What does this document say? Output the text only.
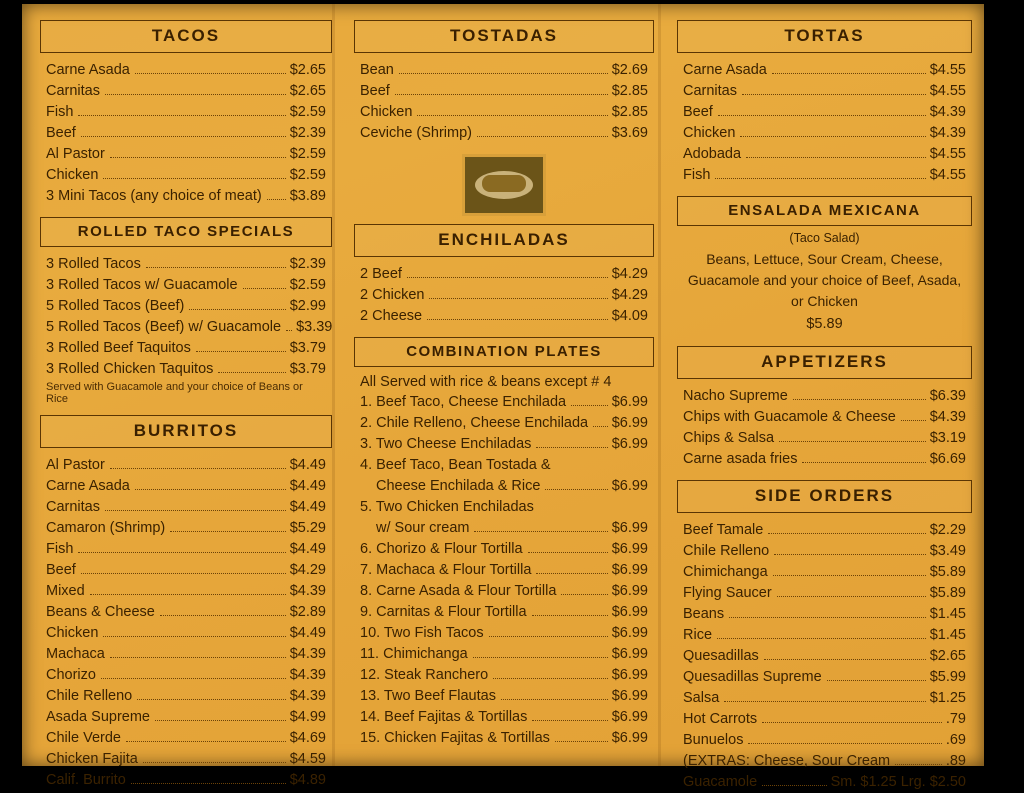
TACOS
Carne Asada	$2.65
Carnitas	$2.65
Fish	$2.59
Beef	$2.39
Al Pastor	$2.59
Chicken	$2.59
3 Mini Tacos (any choice of meat) $3.89
ROLLED TACO SPECIALS
3 Rolled Tacos	$2.39
3 Rolled Tacos w/ Guacamole	$2.59
5 Rolled Tacos (Beef)	$2.99
5 Rolled Tacos (Beef) w/ Guacamole $3.39
3 Rolled Beef Taquitos	$3.79
3 Rolled Chicken Taquitos	$3.79
Served with Guacamole and your choice of Beans or Rice
BURRITOS
Al Pastor	$4.49
Carne Asada	$4.49
Carnitas	$4.49
Camaron (Shrimp)	$5.29
Fish	$4.49
Beef	$4.29
Mixed	$4.39
Beans & Cheese	$2.89
Chicken	$4.49
Machaca	$4.39
Chorizo	$4.39
Chile Relleno	$4.39
Asada Supreme	$4.99
Chile Verde	$4.69
Chicken Fajita	$4.59
Calif. Burrito	$4.89
TOSTADAS
Bean	$2.69
Beef	$2.85
Chicken	$2.85
Ceviche (Shrimp)	$3.69
ENCHILADAS
2 Beef	$4.29
2 Chicken	$4.29
2 Cheese	$4.09
COMBINATION PLATES
All Served with rice & beans except # 4
1. Beef Taco, Cheese Enchilada	$6.99
2. Chile Relleno, Cheese Enchilada $6.99
3. Two Cheese Enchiladas	$6.99
4. Beef Taco, Bean Tostada &
Cheese Enchilada & Rice	$6.99
5. Two Chicken Enchiladas
w/ Sour cream	$6.99
6. Chorizo & Flour Tortilla	$6.99
7. Machaca & Flour Tortilla	$6.99
8. Carne Asada & Flour Tortilla	$6.99
9. Carnitas & Flour Tortilla	$6.99
10. Two Fish Tacos	$6.99
11. Chimichanga	$6.99
12. Steak Ranchero	$6.99
13. Two Beef Flautas	$6.99
14. Beef Fajitas & Tortillas	$6.99
15. Chicken Fajitas & Tortillas	$6.99
TORTAS
Carne Asada	$4.55
Carnitas	$4.55
Beef	$4.39
Chicken	$4.39
Adobada	$4.55
Fish	$4.55
ENSALADA MEXICANA
(Taco Salad)
Beans, Lettuce, Sour Cream, Cheese, Guacamole and your choice of Beef, Asada, or Chicken
$5.89
APPETIZERS
Nacho Supreme	$6.39
Chips with Guacamole & Cheese $4.39
Chips & Salsa	$3.19
Carne asada fries	$6.69
SIDE ORDERS
Beef Tamale	$2.29
Chile Relleno	$3.49
Chimichanga	$5.89
Flying Saucer	$5.89
Beans	$1.45
Rice	$1.45
Quesadillas	$2.65
Quesadillas Supreme	$5.99
Salsa	$1.25
Hot Carrots	.79
Bunuelos	.69
(EXTRAS: Cheese, Sour Cream	.89
Guacamole	Sm. $1.25 Lrg. $2.50
